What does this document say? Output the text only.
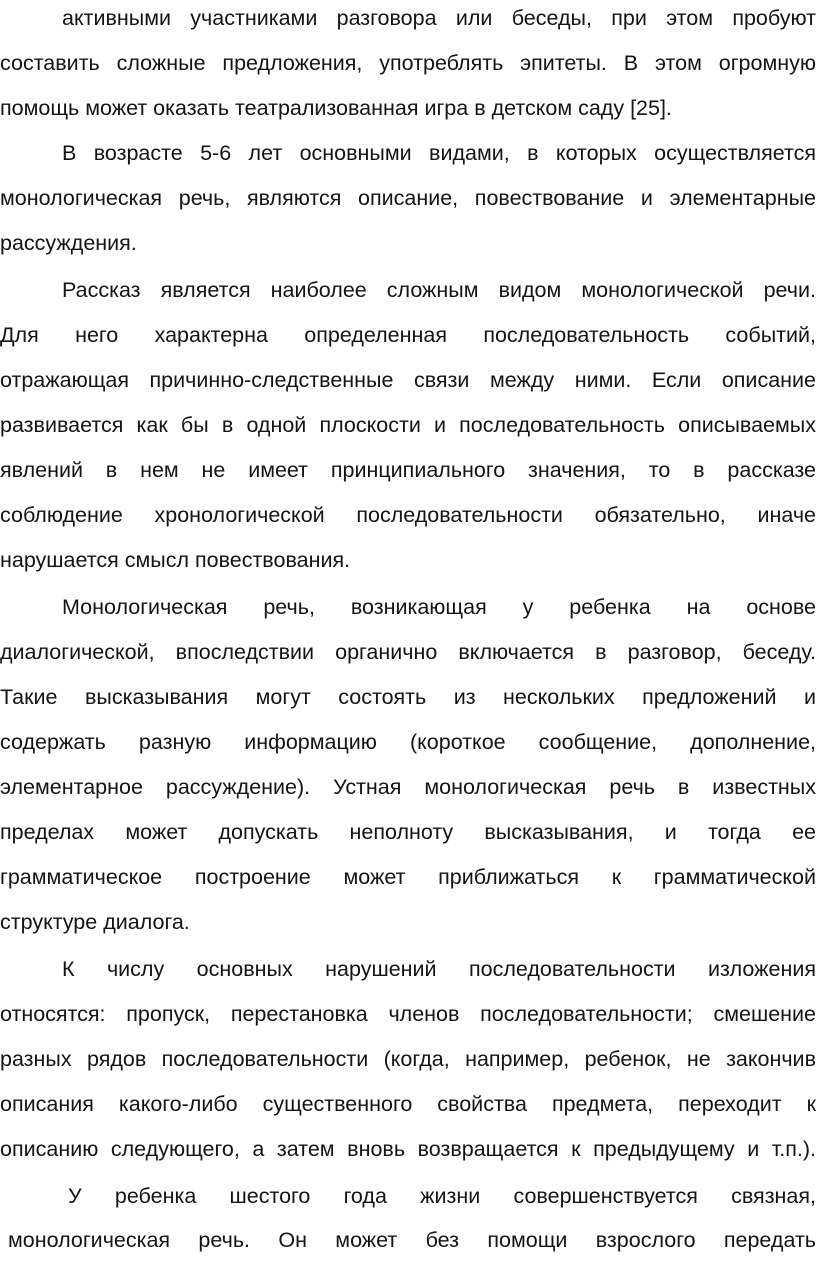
активными участниками разговора или беседы, при этом пробуют
составить сложные предложения, употреблять эпитеты. В этом огромную
помощь может оказать театрализованная игра в детском саду [25].
В возрасте 5-6 лет основными видами, в которых осуществляется
монологическая речь, являются описание, повествование и элементарные
рассуждения.
Рассказ является наиболее сложным видом монологической речи.
Для него характерна определенная последовательность событий,
отражающая причинно-следственные связи между ними. Если описание
развивается как бы в одной плоскости и последовательность описываемых
явлений в нем не имеет принципиального значения, то в рассказе
соблюдение хронологической последовательности обязательно, иначе
нарушается смысл повествования.
Монологическая речь, возникающая у ребенка на основе
диалогической, впоследствии органично включается в разговор, беседу.
Такие высказывания могут состоять из нескольких предложений и
содержать разную информацию (короткое сообщение, дополнение,
элементарное рассуждение). Устная монологическая речь в известных
пределах может допускать неполноту высказывания, и тогда ее
грамматическое построение может приближаться к грамматической
структуре диалога.
К числу основных нарушений последовательности изложения
относятся: пропуск, перестановка членов последовательности; смешение
разных рядов последовательности (когда, например, ребенок, не закончив
описания какого-либо существенного свойства предмета, переходит к
описанию следующего, а затем вновь возвращается к предыдущему и т.п.).
У ребенка шестого года жизни совершенствуется связная,
монологическая речь. Он может без помощи взрослого передать
